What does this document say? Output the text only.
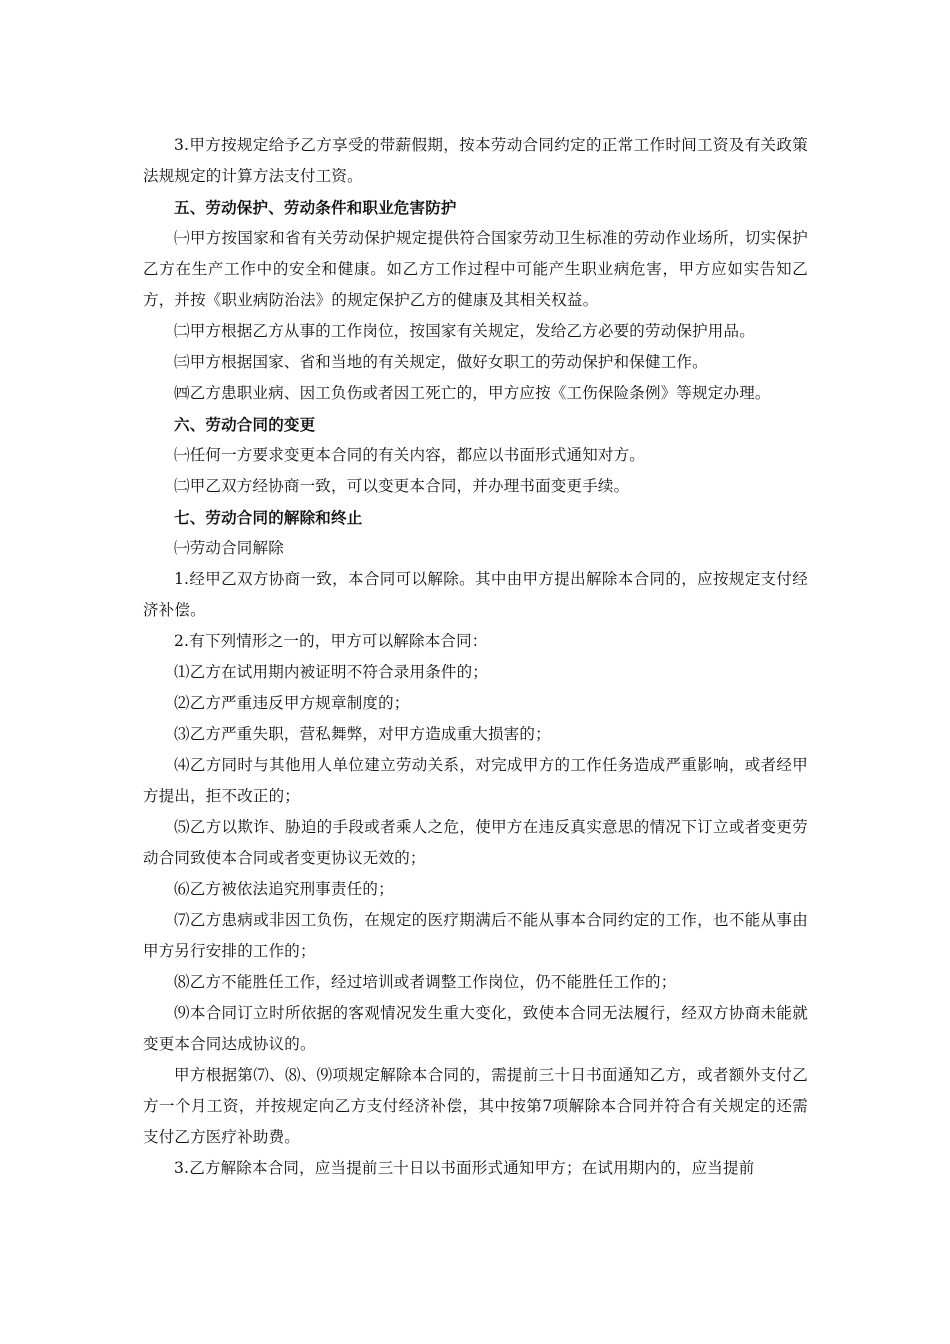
3.甲方按规定给予乙方享受的带薪假期，按本劳动合同约定的正常工作时间工资及有关政策法规规定的计算方法支付工资。

五、劳动保护、劳动条件和职业危害防护

㈠甲方按国家和省有关劳动保护规定提供符合国家劳动卫生标准的劳动作业场所，切实保护乙方在生产工作中的安全和健康。如乙方工作过程中可能产生职业病危害，甲方应如实告知乙方，并按《职业病防治法》的规定保护乙方的健康及其相关权益。

㈡甲方根据乙方从事的工作岗位，按国家有关规定，发给乙方必要的劳动保护用品。

㈢甲方根据国家、省和当地的有关规定，做好女职工的劳动保护和保健工作。

㈣乙方患职业病、因工负伤或者因工死亡的，甲方应按《工伤保险条例》等规定办理。

六、劳动合同的变更

㈠任何一方要求变更本合同的有关内容，都应以书面形式通知对方。

㈡甲乙双方经协商一致，可以变更本合同，并办理书面变更手续。

七、劳动合同的解除和终止

㈠劳动合同解除

1.经甲乙双方协商一致，本合同可以解除。其中由甲方提出解除本合同的，应按规定支付经济补偿。

2.有下列情形之一的，甲方可以解除本合同：

⑴乙方在试用期内被证明不符合录用条件的；

⑵乙方严重违反甲方规章制度的；

⑶乙方严重失职，营私舞弊，对甲方造成重大损害的；

⑷乙方同时与其他用人单位建立劳动关系，对完成甲方的工作任务造成严重影响，或者经甲方提出，拒不改正的；

⑸乙方以欺诈、胁迫的手段或者乘人之危，使甲方在违反真实意思的情况下订立或者变更劳动合同致使本合同或者变更协议无效的；

⑹乙方被依法追究刑事责任的；

⑺乙方患病或非因工负伤，在规定的医疗期满后不能从事本合同约定的工作，也不能从事由甲方另行安排的工作的；

⑻乙方不能胜任工作，经过培训或者调整工作岗位，仍不能胜任工作的；

⑼本合同订立时所依据的客观情况发生重大变化，致使本合同无法履行，经双方协商未能就变更本合同达成协议的。

甲方根据第⑺、⑻、⑼项规定解除本合同的，需提前三十日书面通知乙方，或者额外支付乙方一个月工资，并按规定向乙方支付经济补偿，其中按第7项解除本合同并符合有关规定的还需支付乙方医疗补助费。

3.乙方解除本合同，应当提前三十日以书面形式通知甲方；在试用期内的，应当提前
